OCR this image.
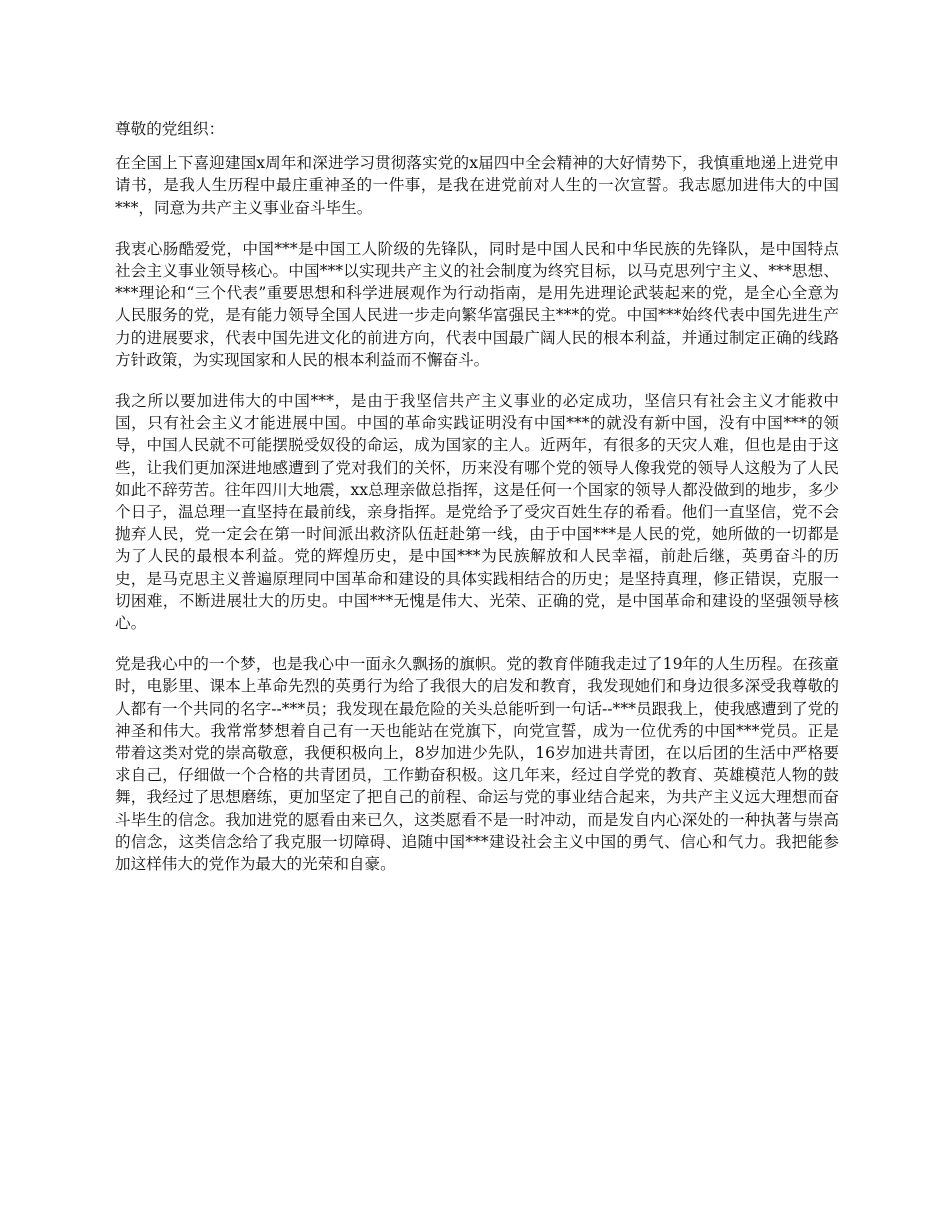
尊敬的党组织：

在全国上下喜迎建国x周年和深进学习贯彻落实党的x届四中全会精神的大好情势下，我慎重地递上进党申请书，是我人生历程中最庄重神圣的一件事，是我在进党前对人生的一次宣誓。我志愿加进伟大的中国***，同意为共产主义事业奋斗毕生。

我衷心肠酷爱党，中国***是中国工人阶级的先锋队，同时是中国人民和中华民族的先锋队，是中国特点社会主义事业领导核心。中国***以实现共产主义的社会制度为终究目标，以马克思列宁主义、***思想、***理论和“三个代表”重要思想和科学进展观作为行动指南，是用先进理论武装起来的党，是全心全意为人民服务的党，是有能力领导全国人民进一步走向繁华富强民主***的党。中国***始终代表中国先进生产力的进展要求，代表中国先进文化的前进方向，代表中国最广阔人民的根本利益，并通过制定正确的线路方针政策，为实现国家和人民的根本利益而不懈奋斗。

我之所以要加进伟大的中国***，是由于我坚信共产主义事业的必定成功，坚信只有社会主义才能救中国，只有社会主义才能进展中国。中国的革命实践证明没有中国***的就没有新中国，没有中国***的领导，中国人民就不可能摆脱受奴役的命运，成为国家的主人。近两年，有很多的天灾人难，但也是由于这些，让我们更加深进地感遭到了党对我们的关怀，历来没有哪个党的领导人像我党的领导人这般为了人民如此不辞劳苦。往年四川大地震，xx总理亲做总指挥，这是任何一个国家的领导人都没做到的地步，多少个日子，温总理一直坚持在最前线，亲身指挥。是党给予了受灾百姓生存的希看。他们一直坚信，党不会抛弃人民，党一定会在第一时间派出救济队伍赶赴第一线，由于中国***是人民的党，她所做的一切都是为了人民的最根本利益。党的辉煌历史，是中国***为民族解放和人民幸福，前赴后继，英勇奋斗的历史，是马克思主义普遍原理同中国革命和建设的具体实践相结合的历史；是坚持真理，修正错误，克服一切困难，不断进展壮大的历史。中国***无愧是伟大、光荣、正确的党，是中国革命和建设的坚强领导核心。

党是我心中的一个梦，也是我心中一面永久飘扬的旗帜。党的教育伴随我走过了19年的人生历程。在孩童时，电影里、课本上革命先烈的英勇行为给了我很大的启发和教育，我发现她们和身边很多深受我尊敬的人都有一个共同的名字--***员；我发现在最危险的关头总能听到一句话--***员跟我上，使我感遭到了党的神圣和伟大。我常常梦想着自己有一天也能站在党旗下，向党宣誓，成为一位优秀的中国***党员。正是带着这类对党的崇高敬意，我便积极向上，8岁加进少先队，16岁加进共青团，在以后团的生活中严格要求自己，仔细做一个合格的共青团员，工作勤奋积极。这几年来，经过自学党的教育、英雄模范人物的鼓舞，我经过了思想磨练，更加坚定了把自己的前程、命运与党的事业结合起来，为共产主义远大理想而奋斗毕生的信念。我加进党的愿看由来已久，这类愿看不是一时冲动，而是发自内心深处的一种执著与崇高的信念，这类信念给了我克服一切障碍、追随中国***建设社会主义中国的勇气、信心和气力。我把能参加这样伟大的党作为最大的光荣和自豪。
